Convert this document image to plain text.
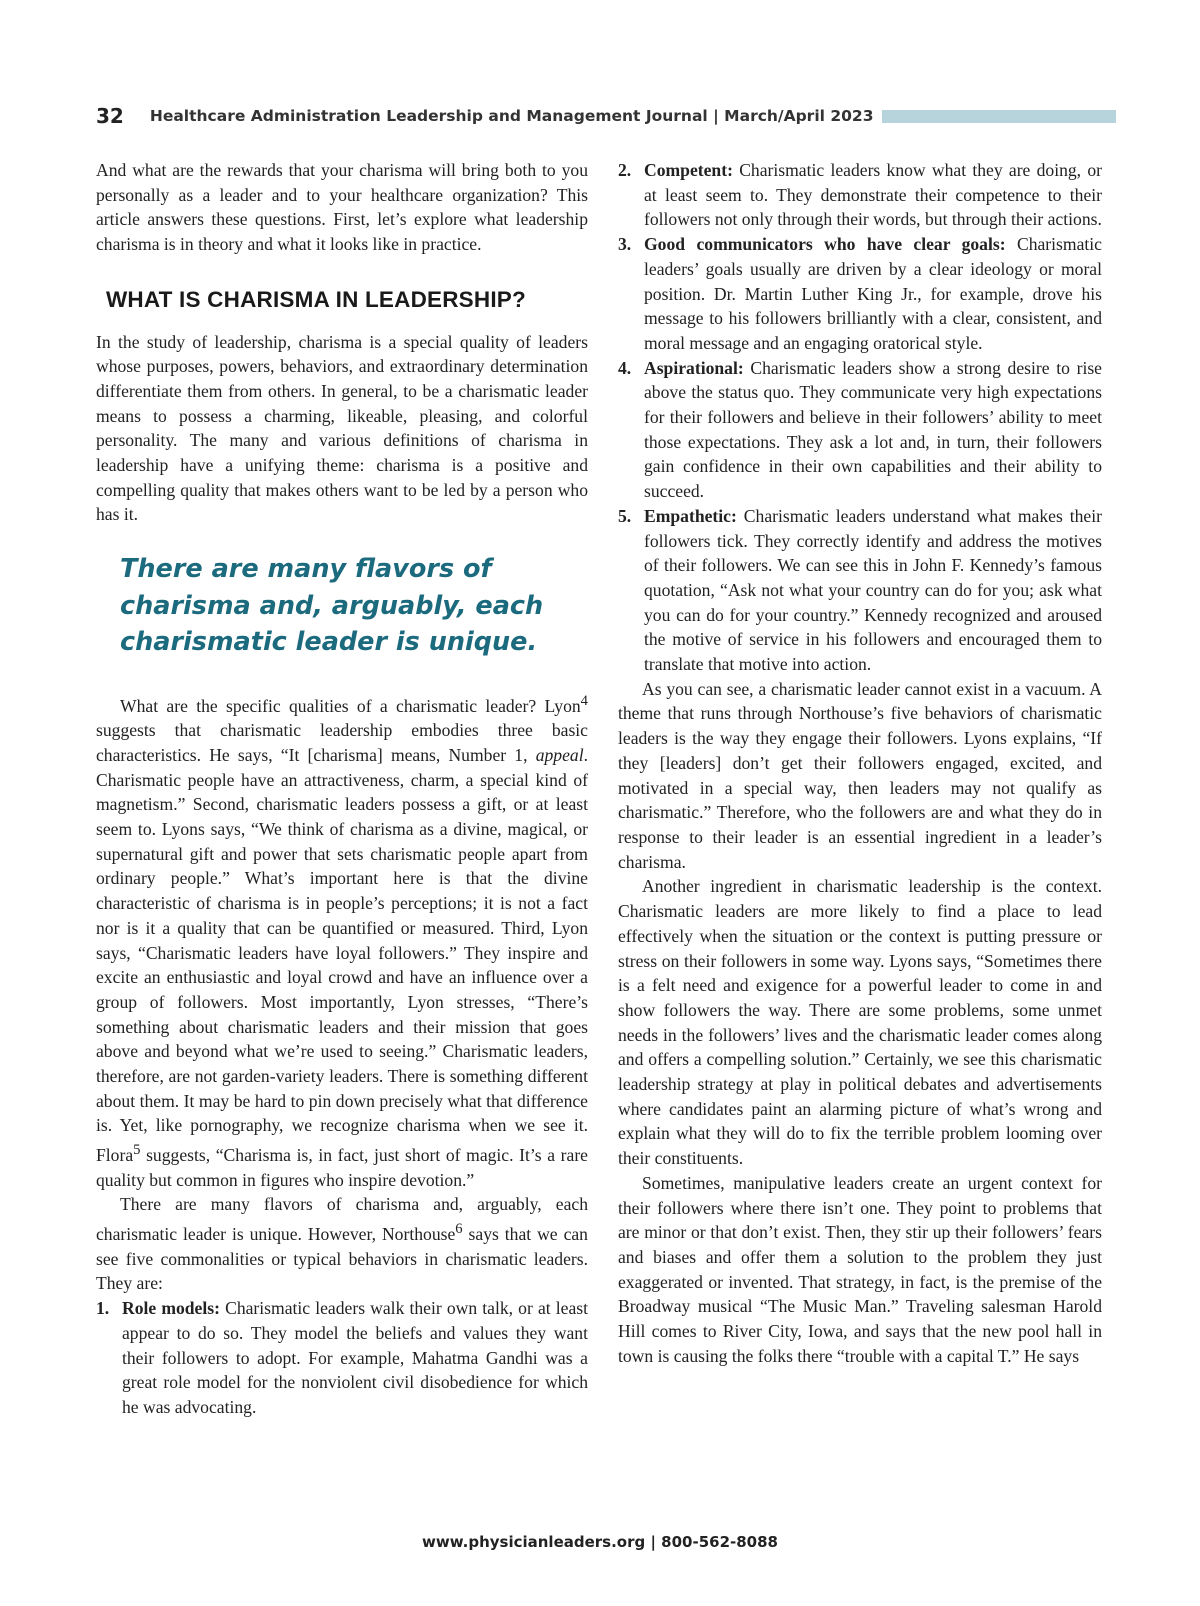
32 Healthcare Administration Leadership and Management Journal | March/April 2023

And what are the rewards that your charisma will bring both to you personally as a leader and to your healthcare organization? This article answers these questions. First, let’s explore what leadership charisma is in theory and what it looks like in practice.

WHAT IS CHARISMA IN LEADERSHIP?

In the study of leadership, charisma is a special quality of leaders whose purposes, powers, behaviors, and extraordinary determination differentiate them from others. In general, to be a charismatic leader means to possess a charming, likeable, pleasing, and colorful personality. The many and various definitions of charisma in leadership have a unifying theme: charisma is a positive and compelling quality that makes others want to be led by a person who has it.

There are many flavors of charisma and, arguably, each charismatic leader is unique.

What are the specific qualities of a charismatic leader? Lyon$^4$ suggests that charismatic leadership embodies three basic characteristics. He says, “It [charisma] means, Number 1, appeal. Charismatic people have an attractiveness, charm, a special kind of magnetism.” Second, charismatic leaders possess a gift, or at least seem to. Lyons says, “We think of charisma as a divine, magical, or supernatural gift and power that sets charismatic people apart from ordinary people.” What’s important here is that the divine characteristic of charisma is in people’s perceptions; it is not a fact nor is it a quality that can be quantified or measured. Third, Lyon says, “Charismatic leaders have loyal followers.” They inspire and excite an enthusiastic and loyal crowd and have an influence over a group of followers. Most importantly, Lyon stresses, “There’s something about charismatic leaders and their mission that goes above and beyond what we’re used to seeing.” Charismatic leaders, therefore, are not garden-variety leaders. There is something different about them. It may be hard to pin down precisely what that difference is. Yet, like pornography, we recognize charisma when we see it. Flora$^5$ suggests, “Charisma is, in fact, just short of magic. It’s a rare quality but common in figures who inspire devotion.”

There are many flavors of charisma and, arguably, each charismatic leader is unique. However, Northouse$^6$ says that we can see five commonalities or typical behaviors in charismatic leaders. They are:

1. Role models: Charismatic leaders walk their own talk, or at least appear to do so. They model the beliefs and values they want their followers to adopt. For example, Mahatma Gandhi was a great role model for the nonviolent civil disobedience for which he was advocating.
2. Competent: Charismatic leaders know what they are doing, or at least seem to. They demonstrate their competence to their followers not only through their words, but through their actions.
3. Good communicators who have clear goals: Charismatic leaders’ goals usually are driven by a clear ideology or moral position. Dr. Martin Luther King Jr., for example, drove his message to his followers brilliantly with a clear, consistent, and moral message and an engaging oratorical style.
4. Aspirational: Charismatic leaders show a strong desire to rise above the status quo. They communicate very high expectations for their followers and believe in their followers’ ability to meet those expectations. They ask a lot and, in turn, their followers gain confidence in their own capabilities and their ability to succeed.
5. Empathetic: Charismatic leaders understand what makes their followers tick. They correctly identify and address the motives of their followers. We can see this in John F. Kennedy’s famous quotation, “Ask not what your country can do for you; ask what you can do for your country.” Kennedy recognized and aroused the motive of service in his followers and encouraged them to translate that motive into action.

As you can see, a charismatic leader cannot exist in a vacuum. A theme that runs through Northouse’s five behaviors of charismatic leaders is the way they engage their followers. Lyons explains, “If they [leaders] don’t get their followers engaged, excited, and motivated in a special way, then leaders may not qualify as charismatic.” Therefore, who the followers are and what they do in response to their leader is an essential ingredient in a leader’s charisma.

Another ingredient in charismatic leadership is the context. Charismatic leaders are more likely to find a place to lead effectively when the situation or the context is putting pressure or stress on their followers in some way. Lyons says, “Sometimes there is a felt need and exigence for a powerful leader to come in and show followers the way. There are some problems, some unmet needs in the followers’ lives and the charismatic leader comes along and offers a compelling solution.” Certainly, we see this charismatic leadership strategy at play in political debates and advertisements where candidates paint an alarming picture of what’s wrong and explain what they will do to fix the terrible problem looming over their constituents.

Sometimes, manipulative leaders create an urgent context for their followers where there isn’t one. They point to problems that are minor or that don’t exist. Then, they stir up their followers’ fears and biases and offer them a solution to the problem they just exaggerated or invented. That strategy, in fact, is the premise of the Broadway musical “The Music Man.” Traveling salesman Harold Hill comes to River City, Iowa, and says that the new pool hall in town is causing the folks there “trouble with a capital T.” He says

www.physicianleaders.org | 800-562-8088
